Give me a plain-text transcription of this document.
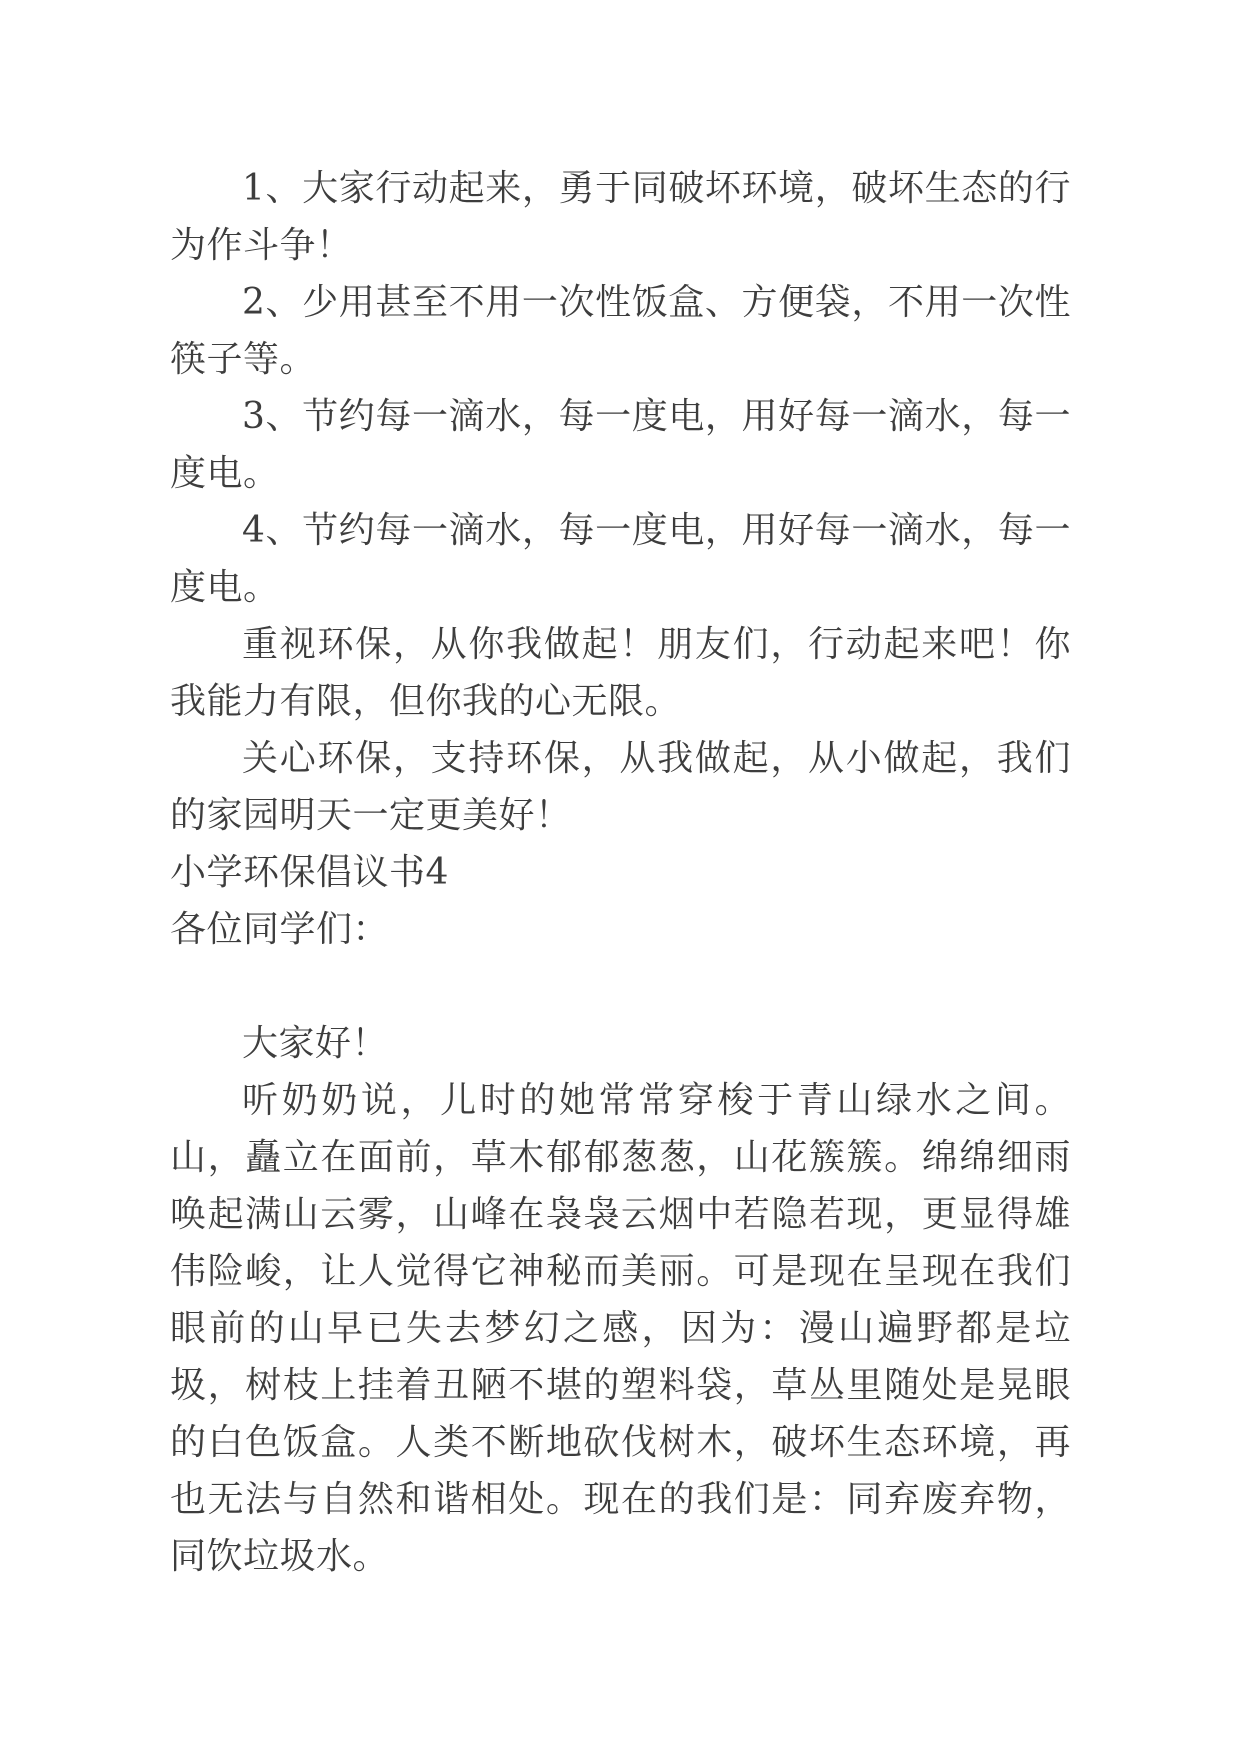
1、大家行动起来，勇于同破坏环境，破坏生态的行为作斗争！

2、少用甚至不用一次性饭盒、方便袋，不用一次性筷子等。

3、节约每一滴水，每一度电，用好每一滴水，每一度电。

4、节约每一滴水，每一度电，用好每一滴水，每一度电。

重视环保，从你我做起！朋友们，行动起来吧！你我能力有限，但你我的心无限。

关心环保，支持环保，从我做起，从小做起，我们的家园明天一定更美好！

小学环保倡议书4

各位同学们：

大家好！

听奶奶说，儿时的她常常穿梭于青山绿水之间。山，矗立在面前，草木郁郁葱葱，山花簇簇。绵绵细雨唤起满山云雾，山峰在袅袅云烟中若隐若现，更显得雄伟险峻，让人觉得它神秘而美丽。可是现在呈现在我们眼前的山早已失去梦幻之感，因为：漫山遍野都是垃圾，树枝上挂着丑陋不堪的塑料袋，草丛里随处是晃眼的白色饭盒。人类不断地砍伐树木，破坏生态环境，再也无法与自然和谐相处。现在的我们是：同弃废弃物，同饮垃圾水。
